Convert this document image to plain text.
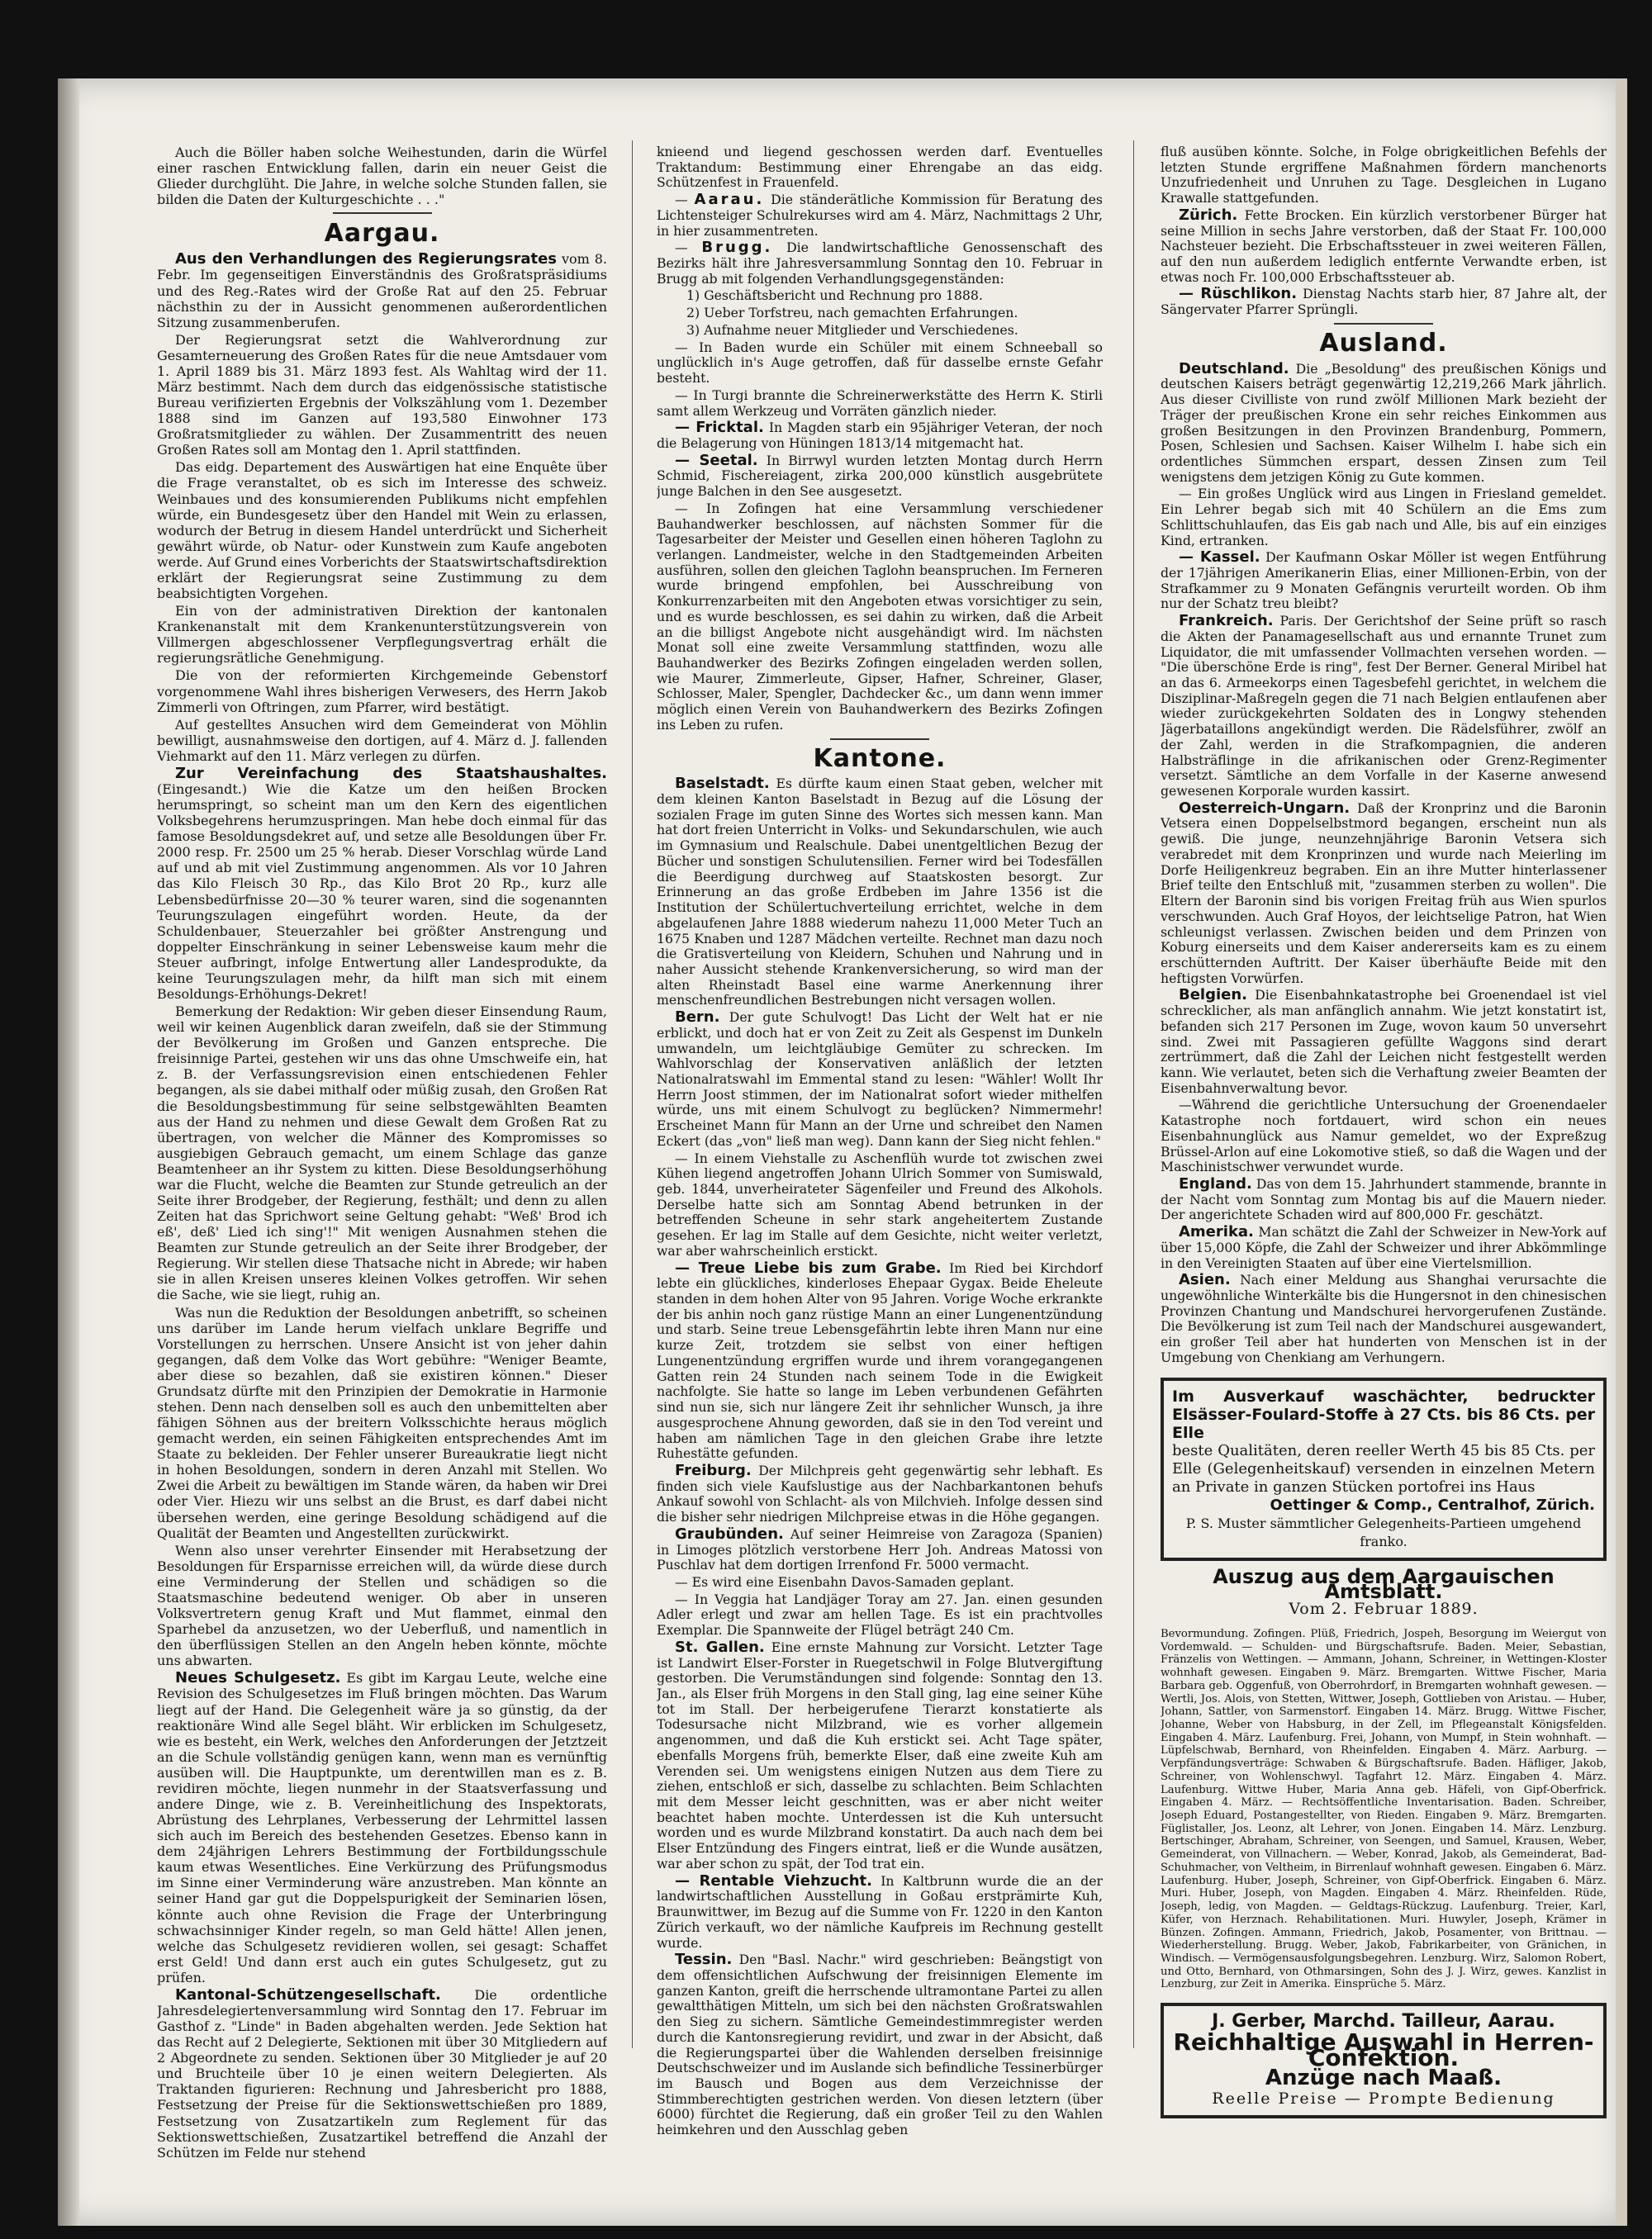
Auch die Böller haben solche Weihestunden, darin die Würfel einer raschen Entwicklung fallen, darin ein neuer Geist die Glieder durchglüht. Die Jahre, in welche solche Stunden fallen, sie bilden die Daten der Kulturgeschichte . . ."

Aargau.

Aus den Verhandlungen des Regierungsrates vom 8. Febr. Im gegenseitigen Einverständnis des Großratspräsidiums und des Reg.-Rates wird der Große Rat auf den 25. Februar nächsthin zu der in Aussicht genommenen außerordentlichen Sitzung zusammenberufen.

Der Regierungsrat setzt die Wahlverordnung zur Gesamterneuerung des Großen Rates für die neue Amtsdauer vom 1. April 1889 bis 31. März 1893 fest. Als Wahltag wird der 11. März bestimmt. Nach dem durch das eidgenössische statistische Bureau verifizierten Ergebnis der Volkszählung vom 1. Dezember 1888 sind im Ganzen auf 193,580 Einwohner 173 Großratsmitglieder zu wählen. Der Zusammentritt des neuen Großen Rates soll am Montag den 1. April stattfinden.

Das eidg. Departement des Auswärtigen hat eine Enquête über die Frage veranstaltet, ob es sich im Interesse des schweiz. Weinbaues und des konsumierenden Publikums nicht empfehlen würde, ein Bundesgesetz über den Handel mit Wein zu erlassen, wodurch der Betrug in diesem Handel unterdrückt und Sicherheit gewährt würde, ob Natur- oder Kunstwein zum Kaufe angeboten werde. Auf Grund eines Vorberichts der Staatswirtschaftsdirektion erklärt der Regierungsrat seine Zustimmung zu dem beabsichtigten Vorgehen.

Ein von der administrativen Direktion der kantonalen Krankenanstalt mit dem Krankenunterstützungsverein von Villmergen abgeschlossener Verpflegungsvertrag erhält die regierungsrätliche Genehmigung.

Die von der reformierten Kirchgemeinde Gebenstorf vorgenommene Wahl ihres bisherigen Verwesers, des Herrn Jakob Zimmerli von Oftringen, zum Pfarrer, wird bestätigt.

Auf gestelltes Ansuchen wird dem Gemeinderat von Möhlin bewilligt, ausnahmsweise den dortigen, auf 4. März d. J. fallenden Viehmarkt auf den 11. März verlegen zu dürfen.

Zur Vereinfachung des Staatshaushaltes. (Eingesandt.) Wie die Katze um den heißen Brocken herumspringt, so scheint man um den Kern des eigentlichen Volksbegehrens herumzuspringen. Man hebe doch einmal für das famose Besoldungsdekret auf, und setze alle Besoldungen über Fr. 2000 resp. Fr. 2500 um 25 % herab. Dieser Vorschlag würde Land auf und ab mit viel Zustimmung angenommen. Als vor 10 Jahren das Kilo Fleisch 30 Rp., das Kilo Brot 20 Rp., kurz alle Lebensbedürfnisse 20—30 % teurer waren, sind die sogenannten Teurungszulagen eingeführt worden. Heute, da der Schuldenbauer, Steuerzahler bei größter Anstrengung und doppelter Einschränkung in seiner Lebensweise kaum mehr die Steuer aufbringt, infolge Entwertung aller Landesprodukte, da keine Teurungszulagen mehr, da hilft man sich mit einem Besoldungs-Erhöhungs-Dekret!

Bemerkung der Redaktion: Wir geben dieser Einsendung Raum, weil wir keinen Augenblick daran zweifeln, daß sie der Stimmung der Bevölkerung im Großen und Ganzen entspreche. Die freisinnige Partei, gestehen wir uns das ohne Umschweife ein, hat z. B. der Verfassungsrevision einen entschiedenen Fehler begangen, als sie dabei mithalf oder müßig zusah, den Großen Rat die Besoldungsbestimmung für seine selbstgewählten Beamten aus der Hand zu nehmen und diese Gewalt dem Großen Rat zu übertragen, von welcher die Männer des Kompromisses so ausgiebigen Gebrauch gemacht, um einem Schlage das ganze Beamtenheer an ihr System zu kitten. Diese Besoldungserhöhung war die Flucht, welche die Beamten zur Stunde getreulich an der Seite ihrer Brodgeber, der Regierung, festhält; und denn zu allen Zeiten hat das Sprichwort seine Geltung gehabt: "Weß' Brod ich eß', deß' Lied ich sing'!" Mit wenigen Ausnahmen stehen die Beamten zur Stunde getreulich an der Seite ihrer Brodgeber, der Regierung. Wir stellen diese Thatsache nicht in Abrede; wir haben sie in allen Kreisen unseres kleinen Volkes getroffen. Wir sehen die Sache, wie sie liegt, ruhig an.

Was nun die Reduktion der Besoldungen anbetrifft, so scheinen uns darüber im Lande herum vielfach unklare Begriffe und Vorstellungen zu herrschen. Unsere Ansicht ist von jeher dahin gegangen, daß dem Volke das Wort gebühre: "Weniger Beamte, aber diese so bezahlen, daß sie existiren können." Dieser Grundsatz dürfte mit den Prinzipien der Demokratie in Harmonie stehen. Denn nach denselben soll es auch den unbemittelten aber fähigen Söhnen aus der breitern Volksschichte heraus möglich gemacht werden, ein seinen Fähigkeiten entsprechendes Amt im Staate zu bekleiden. Der Fehler unserer Bureaukratie liegt nicht in hohen Besoldungen, sondern in deren Anzahl mit Stellen. Wo Zwei die Arbeit zu bewältigen im Stande wären, da haben wir Drei oder Vier. Hiezu wir uns selbst an die Brust, es darf dabei nicht übersehen werden, eine geringe Besoldung schädigend auf die Qualität der Beamten und Angestellten zurückwirkt.

Wenn also unser verehrter Einsender mit Herabsetzung der Besoldungen für Ersparnisse erreichen will, da würde diese durch eine Verminderung der Stellen und schädigen so die Staatsmaschine bedeutend weniger. Ob aber in unseren Volksvertretern genug Kraft und Mut flammet, einmal den Sparhebel da anzusetzen, wo der Ueberfluß, und namentlich in den überflüssigen Stellen an den Angeln heben könnte, möchte uns abwarten.

Neues Schulgesetz. Es gibt im Kargau Leute, welche eine Revision des Schulgesetzes im Fluß bringen möchten. Das Warum liegt auf der Hand. Die Gelegenheit wäre ja so günstig, da der reaktionäre Wind alle Segel bläht. Wir erblicken im Schulgesetz, wie es besteht, ein Werk, welches den Anforderungen der Jetztzeit an die Schule vollständig genügen kann, wenn man es vernünftig ausüben will. Die Hauptpunkte, um derentwillen man es z. B. revidiren möchte, liegen nunmehr in der Staatsverfassung und andere Dinge, wie z. B. Vereinheitlichung des Inspektorats, Abrüstung des Lehrplanes, Verbesserung der Lehrmittel lassen sich auch im Bereich des bestehenden Gesetzes. Ebenso kann in dem 24jährigen Lehrers Bestimmung der Fortbildungsschule kaum etwas Wesentliches. Eine Verkürzung des Prüfungsmodus im Sinne einer Verminderung wäre anzustreben. Man könnte an seiner Hand gar gut die Doppelspurigkeit der Seminarien lösen, könnte auch ohne Revision die Frage der Unterbringung schwachsinniger Kinder regeln, so man Geld hätte! Allen jenen, welche das Schulgesetz revidieren wollen, sei gesagt: Schaffet erst Geld! Und dann erst auch ein gutes Schulgesetz, gut zu prüfen.

Kantonal-Schützengesellschaft.	Die ordentliche Jahresdelegiertenversammlung wird Sonntag den 17. Februar im Gasthof z. "Linde" in Baden abgehalten werden. Jede Sektion hat das Recht auf 2 Delegierte, Sektionen mit über 30 Mitgliedern auf 2 Abgeordnete zu senden. Sektionen über 30 Mitglieder je auf 20 und Bruchteile über 10 je einen weitern Delegierten. Als Traktanden figurieren: Rechnung und Jahresbericht pro 1888, Festsetzung der Preise für die Sektionswettschießen pro 1889, Festsetzung von Zusatzartikeln zum Reglement für das Sektionswettschießen, Zusatzartikel betreffend die Anzahl der Schützen im Felde nur stehend

knieend und liegend geschossen werden darf. Eventuelles Traktandum: Bestimmung einer Ehrengabe an das eidg. Schützenfest in Frauenfeld.

— Aarau. Die ständerätliche Kommission für Beratung des Lichtensteiger Schulrekurses wird am 4. März, Nachmittags 2 Uhr, in hier zusammentreten.

— Brugg. Die landwirtschaftliche Genossenschaft des Bezirks hält ihre Jahresversammlung Sonntag den 10. Februar in Brugg ab mit folgenden Verhandlungsgegenständen:

1) Geschäftsbericht und Rechnung pro 1888.

2) Ueber Torfstreu, nach gemachten Erfahrungen.

3) Aufnahme neuer Mitglieder und Verschiedenes.

— In Baden wurde ein Schüler mit einem Schneeball so unglücklich in's Auge getroffen, daß für dasselbe ernste Gefahr besteht.

— In Turgi brannte die Schreinerwerkstätte des Herrn K. Stirli samt allem Werkzeug und Vorräten gänzlich nieder.

— Fricktal. In Magden starb ein 95jähriger Veteran, der noch die Belagerung von Hüningen 1813/14 mitgemacht hat.

— Seetal. In Birrwyl wurden letzten Montag durch Herrn Schmid, Fischereiagent, zirka 200,000 künstlich ausgebrütete junge Balchen in den See ausgesetzt.

— In Zofingen hat eine Versammlung verschiedener Bauhandwerker beschlossen, auf nächsten Sommer für die Tagesarbeiter der Meister und Gesellen einen höheren Taglohn zu verlangen. Landmeister, welche in den Stadtgemeinden Arbeiten ausführen, sollen den gleichen Taglohn beanspruchen. Im Ferneren wurde bringend empfohlen, bei Ausschreibung von Konkurrenzarbeiten mit den Angeboten etwas vorsichtiger zu sein, und es wurde beschlossen, es sei dahin zu wirken, daß die Arbeit an die billigst Angebote nicht ausgehändigt wird. Im nächsten Monat soll eine zweite Versammlung stattfinden, wozu alle Bauhandwerker des Bezirks Zofingen eingeladen werden sollen, wie Maurer, Zimmerleute, Gipser, Hafner, Schreiner, Glaser, Schlosser, Maler, Spengler, Dachdecker &c., um dann wenn immer möglich einen Verein von Bauhandwerkern des Bezirks Zofingen ins Leben zu rufen.

Kantone.

Baselstadt. Es dürfte kaum einen Staat geben, welcher mit dem kleinen Kanton Baselstadt in Bezug auf die Lösung der sozialen Frage im guten Sinne des Wortes sich messen kann. Man hat dort freien Unterricht in Volks- und Sekundarschulen, wie auch im Gymnasium und Realschule. Dabei unentgeltlichen Bezug der Bücher und sonstigen Schulutensilien. Ferner wird bei Todesfällen die Beerdigung durchweg auf Staatskosten besorgt. Zur Erinnerung an das große Erdbeben im Jahre 1356 ist die Institution der Schülertuchverteilung errichtet, welche in dem abgelaufenen Jahre 1888 wiederum nahezu 11,000 Meter Tuch an 1675 Knaben und 1287 Mädchen verteilte. Rechnet man dazu noch die Gratisverteilung von Kleidern, Schuhen und Nahrung und in naher Aussicht stehende Krankenversicherung, so wird man der alten Rheinstadt Basel eine warme Anerkennung ihrer menschenfreundlichen Bestrebungen nicht versagen wollen.

Bern. Der gute Schulvogt! Das Licht der Welt hat er nie erblickt, und doch hat er von Zeit zu Zeit als Gespenst im Dunkeln umwandeln, um leichtgläubige Gemüter zu schrecken. Im Wahlvorschlag der Konservativen anläßlich der letzten Nationalratswahl im Emmental stand zu lesen: "Wähler! Wollt Ihr Herrn Joost stimmen, der im Nationalrat sofort wieder mithelfen würde, uns mit einem Schulvogt zu beglücken? Nimmermehr! Erscheinet Mann für Mann an der Urne und schreibet den Namen Eckert (das „von" ließ man weg). Dann kann der Sieg nicht fehlen."

— In einem Viehstalle zu Aschenflüh wurde tot zwischen zwei Kühen liegend angetroffen Johann Ulrich Sommer von Sumiswald, geb. 1844, unverheirateter Sägenfeiler und Freund des Alkohols. Derselbe hatte sich am Sonntag Abend betrunken in der betreffenden Scheune in sehr stark angeheitertem Zustande gesehen. Er lag im Stalle auf dem Gesichte, nicht weiter verletzt, war aber wahrscheinlich erstickt.

— Treue Liebe bis zum Grabe. Im Ried bei Kirchdorf lebte ein glückliches, kinderloses Ehepaar Gygax. Beide Eheleute standen in dem hohen Alter von 95 Jahren. Vorige Woche erkrankte der bis anhin noch ganz rüstige Mann an einer Lungenentzündung und starb. Seine treue Lebensgefährtin lebte ihren Mann nur eine kurze Zeit, trotzdem sie selbst von einer heftigen Lungenentzündung ergriffen wurde und ihrem vorangegangenen Gatten rein 24 Stunden nach seinem Tode in die Ewigkeit nachfolgte. Sie hatte so lange im Leben verbundenen Gefährten sind nun sie, sich nur längere Zeit ihr sehnlicher Wunsch, ja ihre ausgesprochene Ahnung geworden, daß sie in den Tod vereint und haben am nämlichen Tage in den gleichen Grabe ihre letzte Ruhestätte gefunden.

Freiburg. Der Milchpreis geht gegenwärtig sehr lebhaft. Es finden sich viele Kaufslustige aus der Nachbarkantonen behufs Ankauf sowohl von Schlacht- als von Milchvieh. Infolge dessen sind die bisher sehr niedrigen Milchpreise etwas in die Höhe gegangen.

Graubünden. Auf seiner Heimreise von Zaragoza (Spanien) in Limoges plötzlich verstorbene Herr Joh. Andreas Matossi von Puschlav hat dem dortigen Irrenfond Fr. 5000 vermacht.

— Es wird eine Eisenbahn Davos-Samaden geplant.

— In Veggia hat Landjäger Toray am 27. Jan. einen gesunden Adler erlegt und zwar am hellen Tage. Es ist ein prachtvolles Exemplar. Die Spannweite der Flügel beträgt 240 Cm.

St. Gallen. Eine ernste Mahnung zur Vorsicht. Letzter Tage ist Landwirt Elser-Forster in Ruegetschwil in Folge Blutvergiftung gestorben. Die Verumständungen sind folgende: Sonntag den 13. Jan., als Elser früh Morgens in den Stall ging, lag eine seiner Kühe tot im Stall. Der herbeigerufene Tierarzt konstatierte als Todesursache nicht Milzbrand, wie es vorher allgemein angenommen, und daß die Kuh erstickt sei. Acht Tage später, ebenfalls Morgens früh, bemerkte Elser, daß eine zweite Kuh am Verenden sei. Um wenigstens einigen Nutzen aus dem Tiere zu ziehen, entschloß er sich, dasselbe zu schlachten. Beim Schlachten mit dem Messer leicht geschnitten, was er aber nicht weiter beachtet haben mochte. Unterdessen ist die Kuh untersucht worden und es wurde Milzbrand konstatirt. Da auch nach dem bei Elser Entzündung des Fingers eintrat, ließ er die Wunde ausätzen, war aber schon zu spät, der Tod trat ein.

— Rentable Viehzucht. In Kaltbrunn wurde die an der landwirtschaftlichen Ausstellung in Goßau erstprämirte Kuh, Braunwittwer, im Bezug auf die Summe von Fr. 1220 in den Kanton Zürich verkauft, wo der nämliche Kaufpreis im Rechnung gestellt wurde.

Tessin. Den "Basl. Nachr." wird geschrieben: Beängstigt von dem offensichtlichen Aufschwung der freisinnigen Elemente im ganzen Kanton, greift die herrschende ultramontane Partei zu allen gewaltthätigen Mitteln, um sich bei den nächsten Großratswahlen den Sieg zu sichern. Sämtliche Gemeindestimmregister werden durch die Kantonsregierung revidirt, und zwar in der Absicht, daß die Regierungspartei über die Wahlenden derselben freisinnige Deutschschweizer und im Auslande sich befindliche Tessinerbürger im Bausch und Bogen aus dem Verzeichnisse der Stimmberechtigten gestrichen werden. Von diesen letztern (über 6000) fürchtet die Regierung, daß ein großer Teil zu den Wahlen heimkehren und den Ausschlag geben

fluß ausüben könnte. Solche, in Folge obrigkeitlichen Befehls der letzten Stunde ergriffene Maßnahmen fördern manchenorts Unzufriedenheit und Unruhen zu Tage. Desgleichen in Lugano Krawalle stattgefunden.

Zürich. Fette Brocken. Ein kürzlich verstorbener Bürger hat seine Million in sechs Jahre verstorben, daß der Staat Fr. 100,000 Nachsteuer bezieht. Die Erbschaftssteuer in zwei weiteren Fällen, auf den nun außerdem lediglich entfernte Verwandte erben, ist etwas noch Fr. 100,000 Erbschaftssteuer ab.

— Rüschlikon. Dienstag Nachts starb hier, 87 Jahre alt, der Sängervater Pfarrer Sprüngli.

Ausland.

Deutschland. Die „Besoldung" des preußischen Königs und deutschen Kaisers beträgt gegenwärtig 12,219,266 Mark jährlich. Aus dieser Civilliste von rund zwölf Millionen Mark bezieht der Träger der preußischen Krone ein sehr reiches Einkommen aus großen Besitzungen in den Provinzen Brandenburg, Pommern, Posen, Schlesien und Sachsen. Kaiser Wilhelm I. habe sich ein ordentliches Sümmchen erspart, dessen Zinsen zum Teil wenigstens dem jetzigen König zu Gute kommen.

— Ein großes Unglück wird aus Lingen in Friesland gemeldet. Ein Lehrer begab sich mit 40 Schülern an die Ems zum Schlittschuhlaufen, das Eis gab nach und Alle, bis auf ein einziges Kind, ertranken.

— Kassel. Der Kaufmann Oskar Möller ist wegen Entführung der 17jährigen Amerikanerin Elias, einer Millionen-Erbin, von der Strafkammer zu 9 Monaten Gefängnis verurteilt worden. Ob ihm nur der Schatz treu bleibt?

Frankreich. Paris. Der Gerichtshof der Seine prüft so rasch die Akten der Panamagesellschaft aus und ernannte Trunet zum Liquidator, die mit umfassender Vollmachten versehen worden. — "Die überschöne Erde is ring", fest Der Berner. General Miribel hat an das 6. Armeekorps einen Tagesbefehl gerichtet, in welchem die Disziplinar-Maßregeln gegen die 71 nach Belgien entlaufenen aber wieder zurückgekehrten Soldaten des in Longwy stehenden Jägerbataillons angekündigt werden. Die Rädelsführer, zwölf an der Zahl, werden in die Strafkompagnien, die anderen Halbsträflinge in die afrikanischen oder Grenz-Regimenter versetzt. Sämtliche an dem Vorfalle in der Kaserne anwesend gewesenen Korporale wurden kassirt.

Oesterreich-Ungarn. Daß der Kronprinz und die Baronin Vetsera einen Doppelselbstmord begangen, erscheint nun als gewiß. Die junge, neunzehnjährige Baronin Vetsera sich verabredet mit dem Kronprinzen und wurde nach Meierling im Dorfe Heiligenkreuz begraben. Ein an ihre Mutter hinterlassener Brief teilte den Entschluß mit, "zusammen sterben zu wollen". Die Eltern der Baronin sind bis vorigen Freitag früh aus Wien spurlos verschwunden. Auch Graf Hoyos, der leichtselige Patron, hat Wien schleunigst verlassen. Zwischen beiden und dem Prinzen von Koburg einerseits und dem Kaiser andererseits kam es zu einem erschütternden Auftritt. Der Kaiser überhäufte Beide mit den heftigsten Vorwürfen.

Belgien. Die Eisenbahnkatastrophe bei Groenendael ist viel schrecklicher, als man anfänglich annahm. Wie jetzt konstatirt ist, befanden sich 217 Personen im Zuge, wovon kaum 50 unversehrt sind. Zwei mit Passagieren gefüllte Waggons sind derart zertrümmert, daß die Zahl der Leichen nicht festgestellt werden kann. Wie verlautet, beten sich die Verhaftung zweier Beamten der Eisenbahnverwaltung bevor.

—Während die gerichtliche Untersuchung der Groenendaeler Katastrophe noch fortdauert, wird schon ein neues Eisenbahnunglück aus Namur gemeldet, wo der Expreßzug Brüssel-Arlon auf eine Lokomotive stieß, so daß die Wagen und der Maschinistschwer verwundet wurde.

England. Das von dem 15. Jahrhundert stammende, brannte in der Nacht vom Sonntag zum Montag bis auf die Mauern nieder. Der angerichtete Schaden wird auf 800,000 Fr. geschätzt.

Amerika. Man schätzt die Zahl der Schweizer in New-York auf über 15,000 Köpfe, die Zahl der Schweizer und ihrer Abkömmlinge in den Vereinigten Staaten auf über eine Viertelsmillion.

Asien. Nach einer Meldung aus Shanghai verursachte die ungewöhnliche Winterkälte bis die Hungersnot in den chinesischen Provinzen Chantung und Mandschurei hervorgerufenen Zustände. Die Bevölkerung ist zum Teil nach der Mandschurei ausgewandert, ein großer Teil aber hat hunderten von Menschen ist in der Umgebung von Chenkiang am Verhungern.

Im Ausverkauf waschächter, bedruckter Elsässer-Foulard-Stoffe à 27 Cts. bis 86 Cts. per Elle
beste Qualitäten, deren reeller Werth 45 bis 85 Cts. per Elle (Gelegenheitskauf) versenden in einzelnen Metern an Private in ganzen Stücken portofrei ins Haus
Oettinger & Comp., Centralhof, Zürich.
P. S. Muster sämmtlicher Gelegenheits-Partieen umgehend franko.
Auszug aus dem Aargauischen Amtsblatt.
Vom 2. Februar 1889.

Bevormundung. Zofingen. Plüß, Friedrich, Jospeh, Besorgung im Weiergut von Vordemwald. — Schulden- und Bürgschaftsrufe. Baden. Meier, Sebastian, Fränzelis von Wettingen. — Ammann, Johann, Schreiner, in Wettingen-Kloster wohnhaft gewesen. Eingaben 9. März. Bremgarten. Wittwe Fischer, Maria Barbara geb. Oggenfuß, von Oberrohrdorf, in Bremgarten wohnhaft gewesen. — Wertli, Jos. Alois, von Stetten, Wittwer, Joseph, Gottlieben von Aristau. — Huber, Johann, Sattler, von Sarmenstorf. Eingaben 14. März. Brugg. Wittwe Fischer, Johanne, Weber von Habsburg, in der Zell, im Pflegeanstalt Königsfelden. Eingaben 4. März. Laufenburg. Frei, Johann, von Mumpf, in Stein wohnhaft. — Lüpfelschwab, Bernhard, von Rheinfelden. Eingaben 4. März. Aarburg. — Verpfändungsverträge: Schwaben & Bürgschaftsrufe. Baden. Häfliger, Jakob, Schreiner, von Wohlenschwyl. Tagfahrt 12. März. Eingaben 4. März. Laufenburg. Wittwe Huber, Maria Anna geb. Häfeli, von Gipf-Oberfrick. Eingaben 4. März. — Rechtsöffentliche Inventarisation. Baden. Schreiber, Joseph Eduard, Postangestellter, von Rieden. Eingaben 9. März. Bremgarten. Füglistaller, Jos. Leonz, alt Lehrer, von Jonen. Eingaben 14. März. Lenzburg. Bertschinger, Abraham, Schreiner, von Seengen, und Samuel, Krausen, Weber, Gemeinderat, von Villnachern. — Weber, Konrad, Jakob, als Gemeinderat, Bad-Schuhmacher, von Veltheim, in Birrenlauf wohnhaft gewesen. Eingaben 6. März. Laufenburg. Huber, Joseph, Schreiner, von Gipf-Oberfrick. Eingaben 6. März. Muri. Huber, Joseph, von Magden. Eingaben 4. März. Rheinfelden. Rüde, Joseph, ledig, von Magden. — Geldtags-Rückzug. Laufenburg. Treier, Karl, Küfer, von Herznach. Rehabilitationen. Muri. Huwyler, Joseph, Krämer in Bünzen. Zofingen. Ammann, Friedrich, Jakob, Posamenter, von Brittnau. — Wiederherstellung. Brugg. Weber, Jakob, Fabrikarbeiter, von Gränichen, in Windisch. — Vermögensausfolgungsbegehren. Lenzburg. Wirz, Salomon Robert, und Otto, Bernhard, von Othmarsingen, Sohn des J. J. Wirz, gewes. Kanzlist in Lenzburg, zur Zeit in Amerika. Einsprüche 5. März.

J. Gerber, Marchd. Tailleur, Aarau.
Reichhaltige Auswahl in Herren-Confektion.
Anzüge nach Maaß.
Reelle Preise — Prompte Bedienung
